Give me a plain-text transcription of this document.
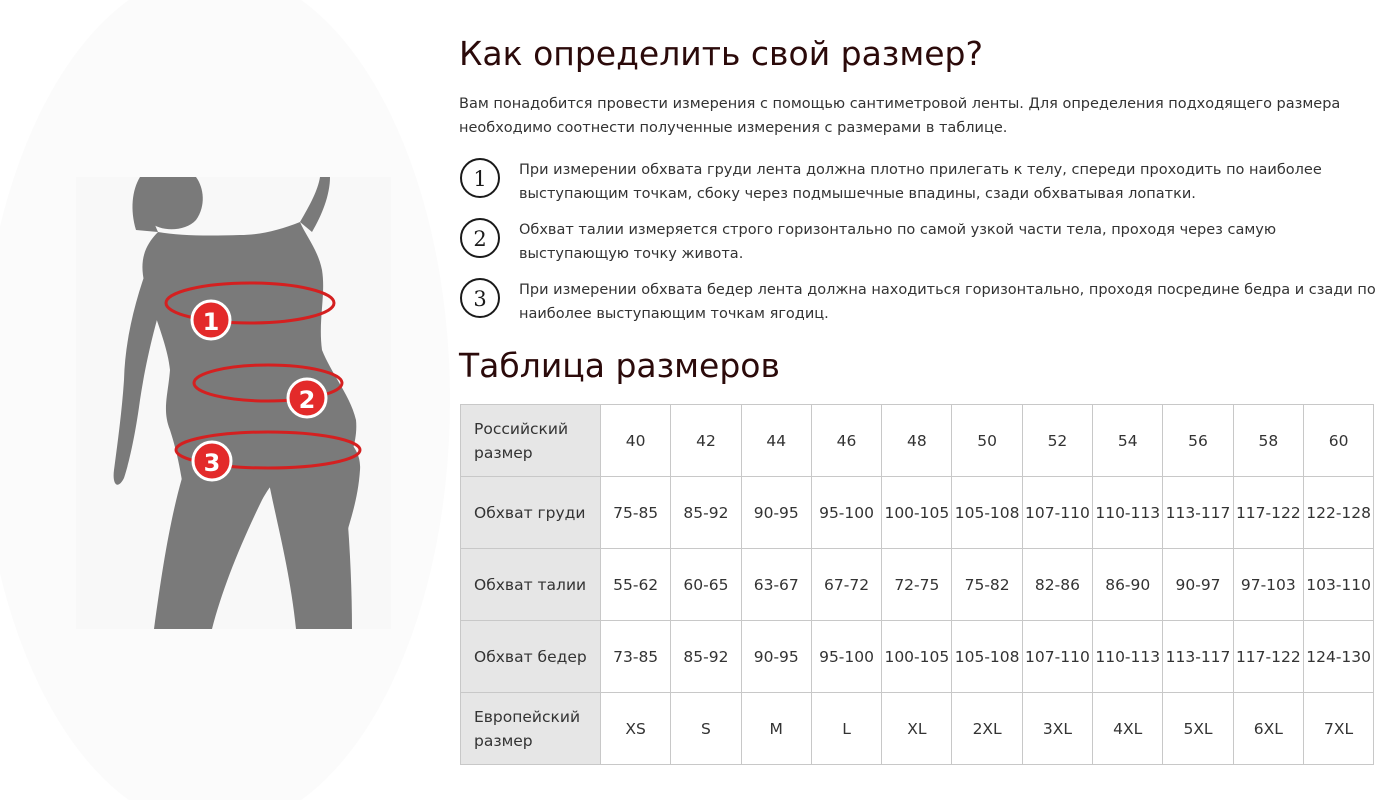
1
2
3
Как определить свой размер?

Вам понадобится провести измерения с помощью сантиметровой ленты. Для определения подходящего размера необходимо соотнести полученные измерения с размерами в таблице.

1	При измерении обхвата груди лента должна плотно прилегать к телу, спереди проходить по наиболее выступающим точкам, сбоку через подмышечные впадины, сзади обхватывая лопатки.
2	Обхват талии измеряется строго горизонтально по самой узкой части тела, проходя через самую выступающую точку живота.
3	При измерении обхвата бедер лента должна находиться горизонтально, проходя посредине бедра и сзади по наиболее выступающим точкам ягодиц.
Таблица размеров
Российский размер	40	42	44	46	48	50	52	54	56	58	60
Обхват груди	75-85	85-92	90-95	95-100	100-105	105-108	107-110	110-113	113-117	117-122	122-128
Обхват талии	55-62	60-65	63-67	67-72	72-75	75-82	82-86	86-90	90-97	97-103	103-110
Обхват бедер	73-85	85-92	90-95	95-100	100-105	105-108	107-110	110-113	113-117	117-122	124-130
Европейский размер	XS	S	M	L	XL	2XL	3XL	4XL	5XL	6XL	7XL
